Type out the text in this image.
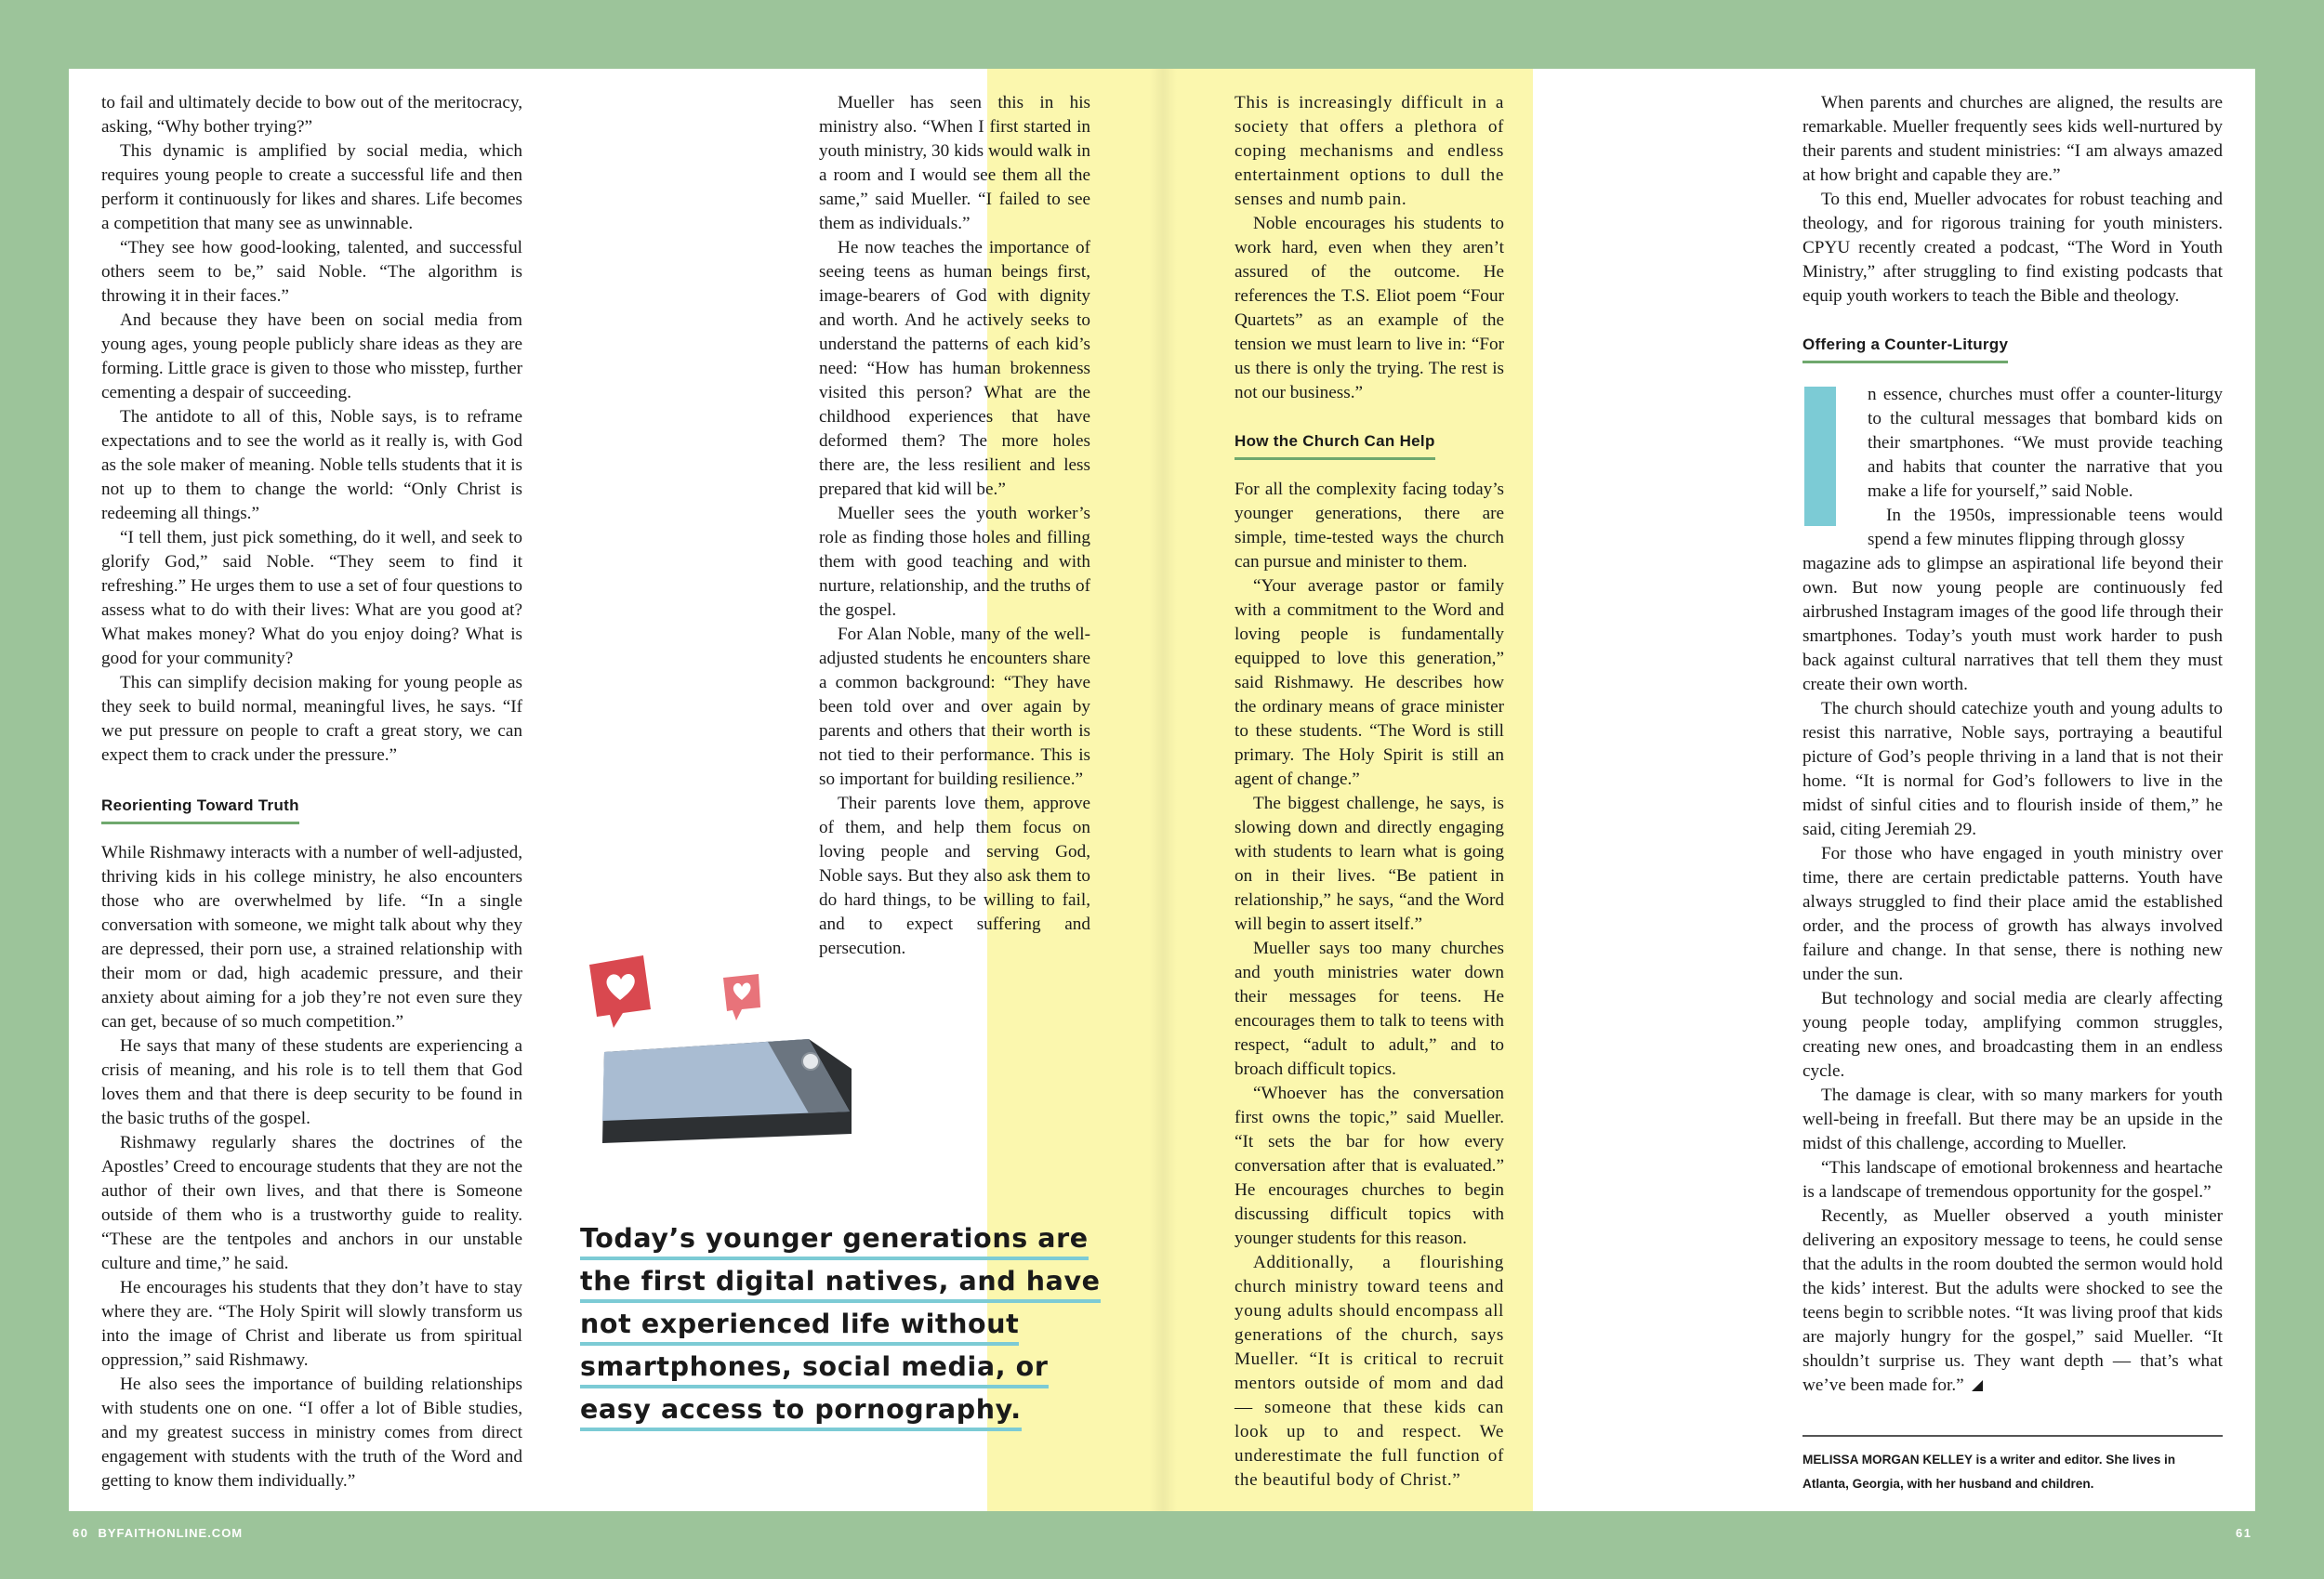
to fail and ultimately decide to bow out of the meritocracy, asking, “Why bother trying?”

This dynamic is amplified by social media, which requires young people to create a successful life and then perform it continuously for likes and shares. Life becomes a competition that many see as unwinnable.

“They see how good-looking, talented, and successful others seem to be,” said Noble. “The algorithm is throwing it in their faces.”

And because they have been on social media from young ages, young people publicly share ideas as they are forming. Little grace is given to those who misstep, further cementing a despair of succeeding.

The antidote to all of this, Noble says, is to reframe expectations and to see the world as it really is, with God as the sole maker of meaning. Noble tells students that it is not up to them to change the world: “Only Christ is redeeming all things.”

“I tell them, just pick something, do it well, and seek to glorify God,” said Noble. “They seem to find it refreshing.” He urges them to use a set of four questions to assess what to do with their lives: What are you good at? What makes money? What do you enjoy doing? What is good for your community?

This can simplify decision making for young people as they seek to build normal, meaningful lives, he says. “If we put pressure on people to craft a great story, we can expect them to crack under the pressure.”

Reorienting Toward Truth

While Rishmawy interacts with a number of well-adjusted, thriving kids in his college ministry, he also encounters those who are overwhelmed by life. “In a single conversation with someone, we might talk about why they are depressed, their porn use, a strained relationship with their mom or dad, high academic pressure, and their anxiety about aiming for a job they’re not even sure they can get, because of so much competition.”

He says that many of these students are experiencing a crisis of meaning, and his role is to tell them that God loves them and that there is deep security to be found in the basic truths of the gospel.

Rishmawy regularly shares the doctrines of the Apostles’ Creed to encourage students that they are not the author of their own lives, and that there is Someone outside of them who is a trustworthy guide to reality. “These are the tentpoles and anchors in our unstable culture and time,” he said.

He encourages his students that they don’t have to stay where they are. “The Holy Spirit will slowly transform us into the image of Christ and liberate us from spiritual oppression,” said Rishmawy.

He also sees the importance of building relationships with students one on one. “I offer a lot of Bible studies, and my greatest success in ministry comes from direct engagement with students with the truth of the Word and getting to know them individually.”

Mueller has seen this in his ministry also. “When I first started in youth ministry, 30 kids would walk in a room and I would see them all the same,” said Mueller. “I failed to see them as individuals.”

He now teaches the importance of seeing teens as human beings first, image-bearers of God with dignity and worth. And he actively seeks to understand the patterns of each kid’s need: “How has human brokenness visited this person? What are the childhood experiences that have deformed them? The more holes there are, the less resilient and less prepared that kid will be.”

Mueller sees the youth worker’s role as finding those holes and filling them with good teaching and with nurture, relationship, and the truths of the gospel.

For Alan Noble, many of the well-adjusted students he encounters share a common background: “They have been told over and over again by parents and others that their worth is not tied to their performance. This is so important for building resilience.”

Their parents love them, approve of them, and help them focus on loving people and serving God, Noble says. But they also ask them to do hard things, to be willing to fail, and to expect suffering and persecution.

Today’s younger generations are the first digital natives, and have not experienced life without smartphones, social media, or easy access to pornography.

This is increasingly difficult in a society that offers a plethora of coping mechanisms and endless entertainment options to dull the senses and numb pain.

Noble encourages his students to work hard, even when they aren’t assured of the outcome. He references the T.S. Eliot poem “Four Quartets” as an example of the tension we must learn to live in: “For us there is only the trying. The rest is not our business.”

How the Church Can Help

For all the complexity facing today’s younger generations, there are simple, time-tested ways the church can pursue and minister to them.

“Your average pastor or family with a commitment to the Word and loving people is fundamentally equipped to love this generation,” said Rishmawy. He describes how the ordinary means of grace minister to these students. “The Word is still primary. The Holy Spirit is still an agent of change.”

The biggest challenge, he says, is slowing down and directly engaging with students to learn what is going on in their lives. “Be patient in relationship,” he says, “and the Word will begin to assert itself.”

Mueller says too many churches and youth ministries water down their messages for teens. He encourages them to talk to teens with respect, “adult to adult,” and to broach difficult topics.

“Whoever has the conversation first owns the topic,” said Mueller. “It sets the bar for how every conversation after that is evaluated.” He encourages churches to begin discussing difficult topics with younger students for this reason.

Additionally, a flourishing church ministry toward teens and young adults should encompass all generations of the church, says Mueller. “It is critical to recruit mentors outside of mom and dad — someone that these kids can look up to and respect. We underestimate the full function of the beautiful body of Christ.”

When parents and churches are aligned, the results are remarkable. Mueller frequently sees kids well-nurtured by their parents and student ministries: “I am always amazed at how bright and capable they are.”

To this end, Mueller advocates for robust teaching and theology, and for rigorous training for youth ministers. CPYU recently created a podcast, “The Word in Youth Ministry,” after struggling to find existing podcasts that equip youth workers to teach the Bible and theology.

Offering a Counter-Liturgy

n essence, churches must offer a counter-liturgy to the cultural messages that bombard kids on their smartphones. “We must provide teaching and habits that counter the narrative that you make a life for yourself,” said Noble.

In the 1950s, impressionable teens would spend a few minutes flipping through glossy

magazine ads to glimpse an aspirational life beyond their own. But now young people are continuously fed airbrushed Instagram images of the good life through their smartphones. Today’s youth must work harder to push back against cultural narratives that tell them they must create their own worth.

The church should catechize youth and young adults to resist this narrative, Noble says, portraying a beautiful picture of God’s people thriving in a land that is not their home. “It is normal for God’s followers to live in the midst of sinful cities and to flourish inside of them,” he said, citing Jeremiah 29.

For those who have engaged in youth ministry over time, there are certain predictable patterns. Youth have always struggled to find their place amid the established order, and the process of growth has always involved failure and change. In that sense, there is nothing new under the sun.

But technology and social media are clearly affecting young people today, amplifying common struggles, creating new ones, and broadcasting them in an endless cycle.

The damage is clear, with so many markers for youth well-being in freefall. But there may be an upside in the midst of this challenge, according to Mueller.

“This landscape of emotional brokenness and heartache is a landscape of tremendous opportunity for the gospel.”

Recently, as Mueller observed a youth minister delivering an expository message to teens, he could sense that the adults in the room doubted the sermon would hold the kids’ interest. But the adults were shocked to see the teens begin to scribble notes. “It was living proof that kids are majorly hungry for the gospel,” said Mueller. “It shouldn’t surprise us. They want depth — that’s what we’ve been made for.”

MELISSA MORGAN KELLEY is a writer and editor. She lives in Atlanta, Georgia, with her husband and children.
60 BYFAITHONLINE.COM	61
